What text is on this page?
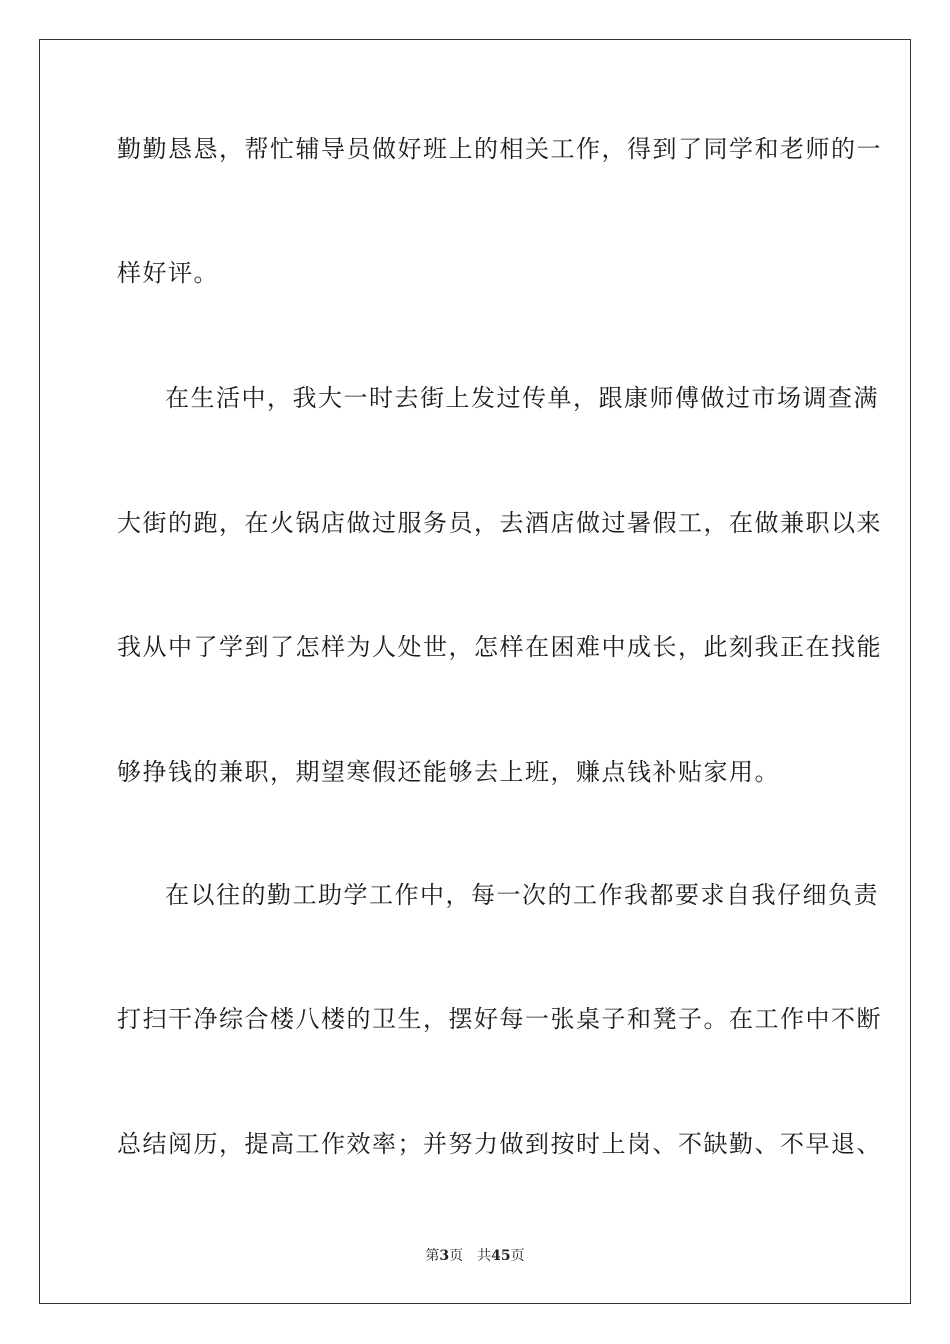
勤勤恳恳，帮忙辅导员做好班上的相关工作，得到了同学和老师的一

样好评。

在生活中，我大一时去街上发过传单，跟康师傅做过市场调查满

大街的跑，在火锅店做过服务员，去酒店做过暑假工，在做兼职以来

我从中了学到了怎样为人处世，怎样在困难中成长，此刻我正在找能

够挣钱的兼职，期望寒假还能够去上班，赚点钱补贴家用。

在以往的勤工助学工作中，每一次的工作我都要求自我仔细负责

打扫干净综合楼八楼的卫生，摆好每一张桌子和凳子。在工作中不断

总结阅历，提高工作效率；并努力做到按时上岗、不缺勤、不早退、

第3页 共45页
